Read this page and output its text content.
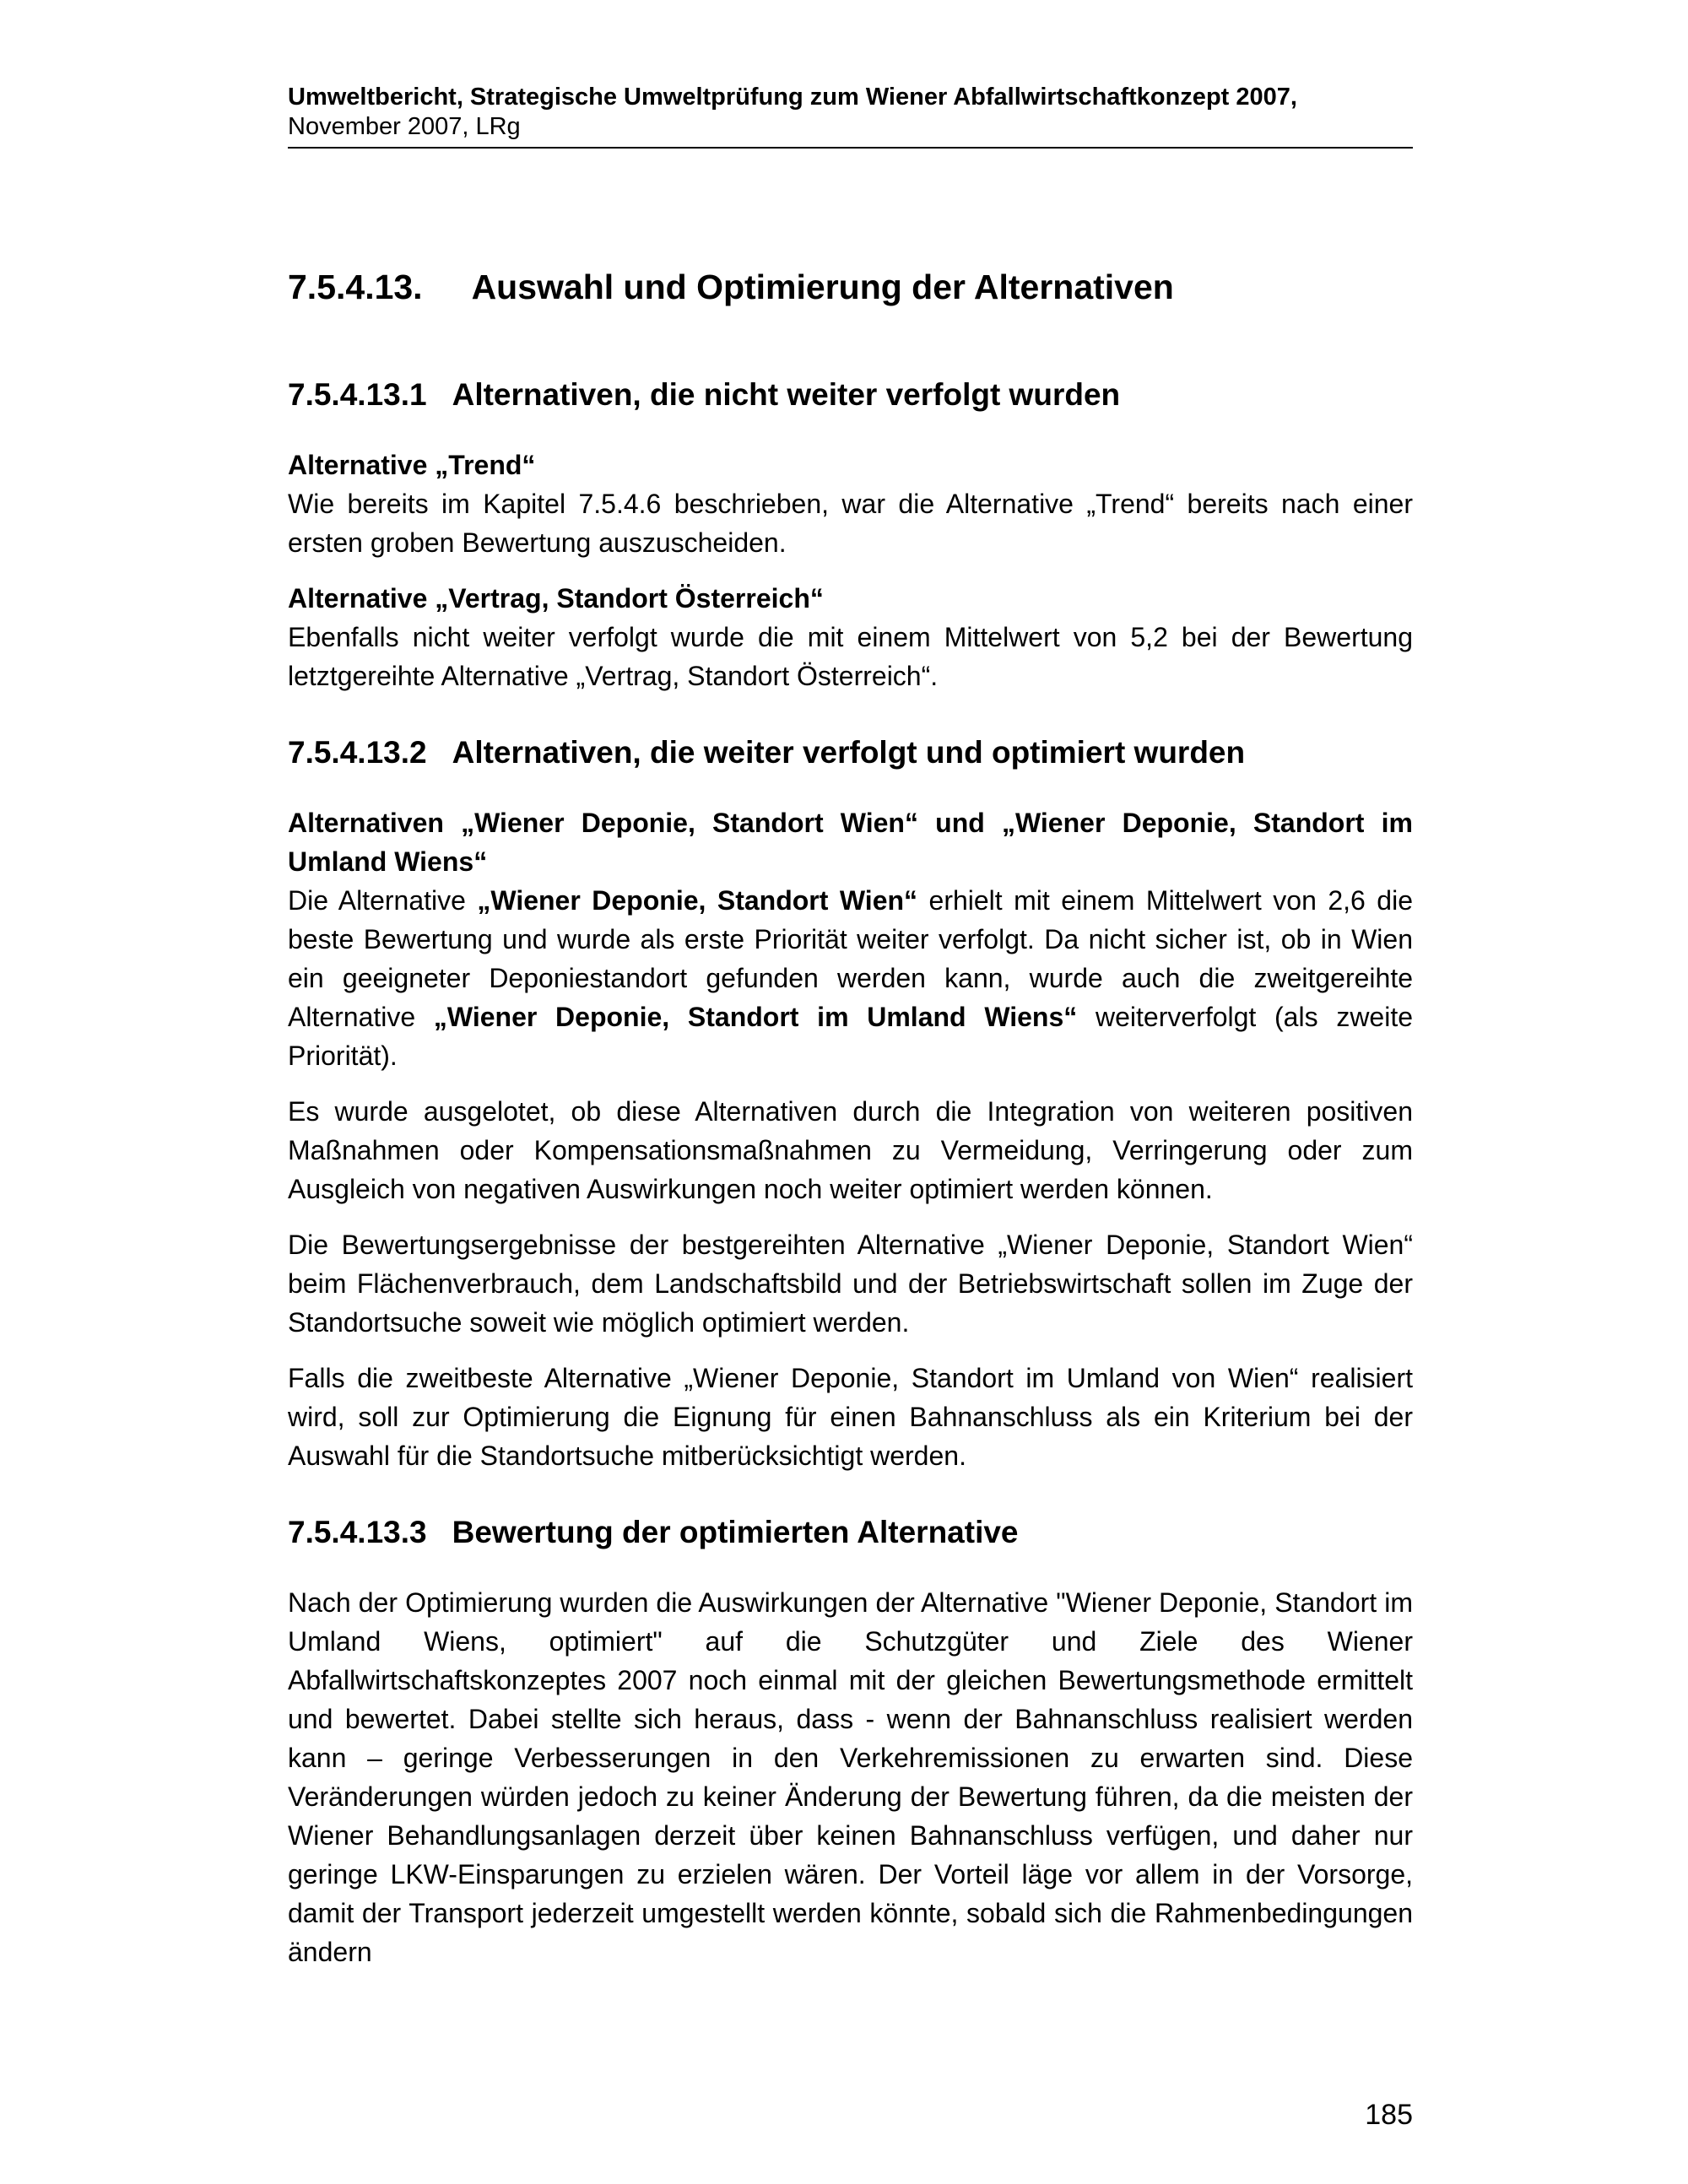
Umweltbericht, Strategische Umweltprüfung zum Wiener Abfallwirtschaftkonzept 2007,
November 2007, LRg
7.5.4.13. Auswahl und Optimierung der Alternativen
7.5.4.13.1 Alternativen, die nicht weiter verfolgt wurden

Alternative „Trend“

Wie bereits im Kapitel 7.5.4.6 beschrieben, war die Alternative „Trend“ bereits nach einer ersten groben Bewertung auszuscheiden.

Alternative „Vertrag, Standort Österreich“

Ebenfalls nicht weiter verfolgt wurde die mit einem Mittelwert von 5,2 bei der Bewertung letztgereihte Alternative „Vertrag, Standort Österreich“.

7.5.4.13.2 Alternativen, die weiter verfolgt und optimiert wurden

Alternativen „Wiener Deponie, Standort Wien“ und „Wiener Deponie, Standort im Umland Wiens“

Die Alternative „Wiener Deponie, Standort Wien“ erhielt mit einem Mittelwert von 2,6 die beste Bewertung und wurde als erste Priorität weiter verfolgt. Da nicht sicher ist, ob in Wien ein geeigneter Deponiestandort gefunden werden kann, wurde auch die zweitgereihte Alternative „Wiener Deponie, Standort im Umland Wiens“ weiterverfolgt (als zweite Priorität).

Es wurde ausgelotet, ob diese Alternativen durch die Integration von weiteren positiven Maßnahmen oder Kompensationsmaßnahmen zu Vermeidung, Verringerung oder zum Ausgleich von negativen Auswirkungen noch weiter optimiert werden können.

Die Bewertungsergebnisse der bestgereihten Alternative „Wiener Deponie, Standort Wien“ beim Flächenverbrauch, dem Landschaftsbild und der Betriebswirtschaft sollen im Zuge der Standortsuche soweit wie möglich optimiert werden.

Falls die zweitbeste Alternative „Wiener Deponie, Standort im Umland von Wien“ realisiert wird, soll zur Optimierung die Eignung für einen Bahnanschluss als ein Kriterium bei der Auswahl für die Standortsuche mitberücksichtigt werden.

7.5.4.13.3 Bewertung der optimierten Alternative

Nach der Optimierung wurden die Auswirkungen der Alternative "Wiener Deponie, Standort im Umland Wiens, optimiert" auf die Schutzgüter und Ziele des Wiener Abfallwirtschaftskonzeptes 2007 noch einmal mit der gleichen Bewertungsmethode ermittelt und bewertet. Dabei stellte sich heraus, dass - wenn der Bahnanschluss realisiert werden kann – geringe Verbesserungen in den Verkehremissionen zu erwarten sind. Diese Veränderungen würden jedoch zu keiner Änderung der Bewertung führen, da die meisten der Wiener Behandlungsanlagen derzeit über keinen Bahnanschluss verfügen, und daher nur geringe LKW-Einsparungen zu erzielen wären. Der Vorteil läge vor allem in der Vorsorge, damit der Transport jederzeit umgestellt werden könnte, sobald sich die Rahmenbedingungen ändern

185
